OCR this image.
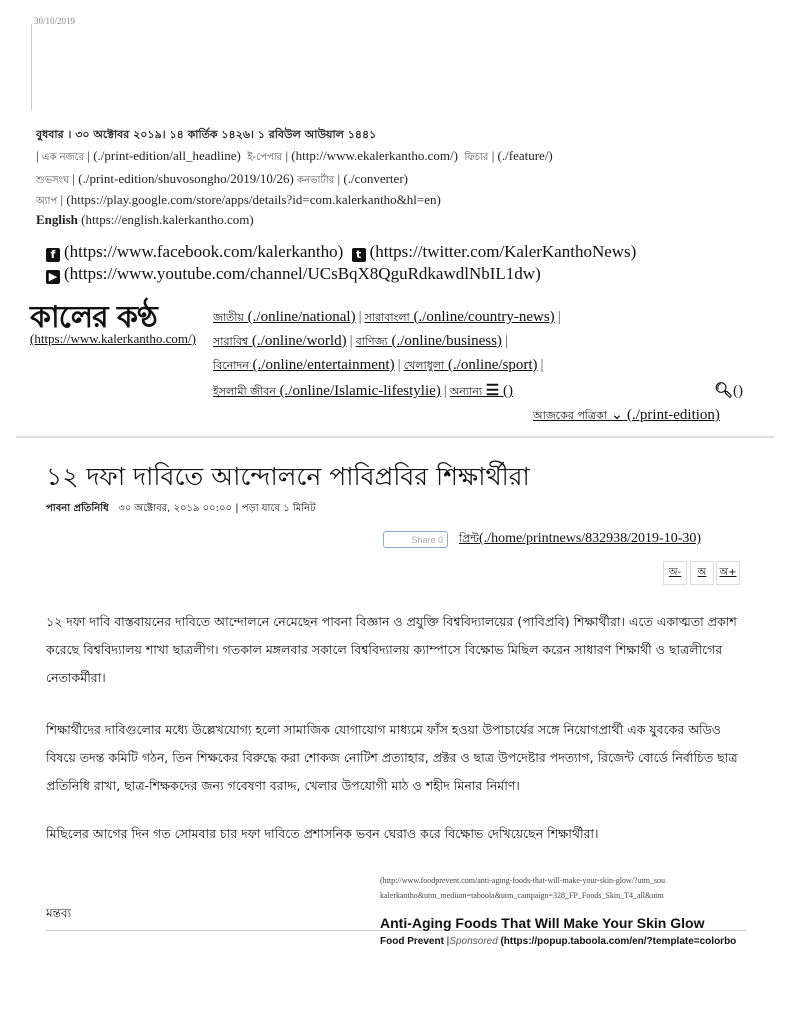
30/10/2019
বুধবার । ৩০ অক্টোবর ২০১৯। ১৪ কার্তিক ১৪২৬। ১ রবিউল আউয়াল ১৪৪১
| এক নজরে | (./print-edition/all_headline) ই-পেপার | (http://www.ekalerkantho.com/) ফিচার | (./feature/)
শুভসংঘ | (./print-edition/shuvosongho/2019/10/26) কনভার্টার | (./converter)
অ্যাপ | (https://play.google.com/store/apps/details?id=com.kalerkantho&hl=en)
English (https://english.kalerkantho.com)
f (https://www.facebook.com/kalerkantho) t (https://twitter.com/KalerKanthoNews)
▶ (https://www.youtube.com/channel/UCsBqX8QguRdkawdlNbIL1dw)
কালের কণ্ঠ
(https://www.kalerkantho.com/)
জাতীয় (./online/national) | সারাবাংলা (./online/country-news) |
সারাবিশ্ব (./online/world) | বাণিজ্য (./online/business) |
বিনোদন (./online/entertainment) | খেলাধুলা (./online/sport) |
ইসলামী জীবন (./online/Islamic-lifestylie) | অন্যান্য ☰ ()	🔍︎()
আজকের পত্রিকা ⌄ (./print-edition)
১২ দফা দাবিতে আন্দোলনে পাবিপ্রবির শিক্ষার্থীরা
পাবনা প্রতিনিধি ৩০ অক্টোবর, ২০১৯ ০০:০০ | পড়া যাবে ১ মিনিট
Share 0	প্রিন্ট(./home/printnews/832938/2019-10-30)
অ-	অ	অ+
১২ দফা দাবি বাস্তবায়নের দাবিতে আন্দোলনে নেমেছেন পাবনা বিজ্ঞান ও প্রযুক্তি বিশ্ববিদ্যালয়ের (পাবিপ্রবি) শিক্ষার্থীরা। এতে একাত্মতা প্রকাশ
করেছে বিশ্ববিদ্যালয় শাখা ছাত্রলীগ। গতকাল মঙ্গলবার সকালে বিশ্ববিদ্যালয় ক্যাম্পাসে বিক্ষোভ মিছিল করেন সাধারণ শিক্ষার্থী ও ছাত্রলীগের
নেতাকর্মীরা।
শিক্ষার্থীদের দাবিগুলোর মধ্যে উল্লেখযোগ্য হলো সামাজিক যোগাযোগ মাধ্যমে ফাঁস হওয়া উপাচার্যের সঙ্গে নিয়োগপ্রার্থী এক যুবকের অডিও
বিষয়ে তদন্ত কমিটি গঠন, তিন শিক্ষকের বিরুদ্ধে করা শোকজ নোটিশ প্রত্যাহার, প্রক্টর ও ছাত্র উপদেষ্টার পদত্যাগ, রিজেন্ট বোর্ডে নির্বাচিত ছাত্র
প্রতিনিধি রাখা, ছাত্র-শিক্ষকদের জন্য গবেষণা বরাদ্দ, খেলার উপযোগী মাঠ ও শহীদ মিনার নির্মাণ।
মিছিলের আগের দিন গত সোমবার চার দফা দাবিতে প্রশাসনিক ভবন ঘেরাও করে বিক্ষোভ দেখিয়েছেন শিক্ষার্থীরা।
(http://www.foodprevent.com/anti-aging-foods-that-will-make-your-skin-glow/?utm_sou
kalerkantho&utm_medium=taboola&utm_campaign=328_FP_Foods_Skin_T4_all&utm
মন্তব্য
Anti-Aging Foods That Will Make Your Skin Glow
Food Prevent |Sponsored (https://popup.taboola.com/en/?template=colorbo
